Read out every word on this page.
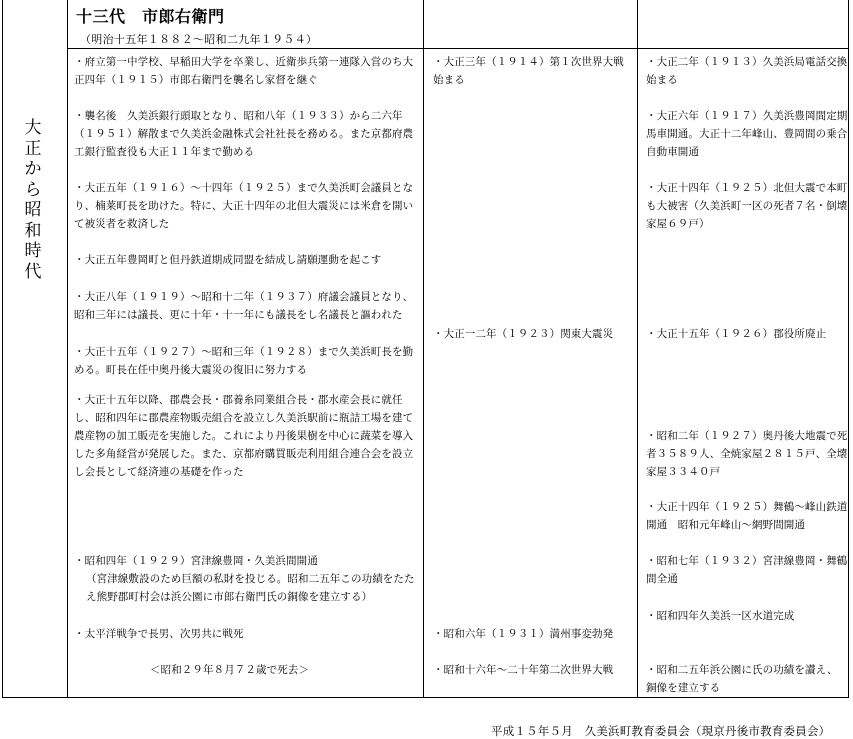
大
正
か
ら
昭
和
時
代
十三代　市郎右衛門
（明治十五年１８８２～昭和二九年１９５４）
・府立第一中学校、早稲田大学を卒業し、近衛歩兵第一連隊入営のち大正四年（１９１５）市郎右衛門を襲名し家督を継ぐ
・襲名後　久美浜銀行頭取となり、昭和八年（１９３３）から二六年（１９５１）解散まで久美浜金融株式会社社長を務める。また京都府農工銀行監査役も大正１１年まで勤める
・大正五年（１９１６）～十四年（１９２５）まで久美浜町会議員となり、楠莱町長を助けた。特に、大正十四年の北但大震災には米倉を開いて被災者を救済した
・大正五年豊岡町と但丹鉄道期成同盟を結成し請願運動を起こす
・大正八年（１９１９）～昭和十二年（１９３７）府議会議員となり、昭和三年には議長、更に十年・十一年にも議長をし名議長と謳われた
・大正十五年（１９２７）～昭和三年（１９２８）まで久美浜町長を勤める。町長在任中奥丹後大震災の復旧に努力する
・大正十五年以降、郡農会長・郡養糸同業組合長・郡水産会長に就任し、昭和四年に郡農産物販売組合を設立し久美浜駅前に瓶詰工場を建て農産物の加工販売を実施した。これにより丹後果樹を中心に蔬菜を導入した多角経営が発展した。また、京都府購買販売利用組合連合会を設立し会長として経済連の基礎を作った
・昭和四年（１９２９）宮津線豊岡・久美浜間開通
（宮津線敷設のため巨額の私財を投じる。昭和二五年この功績をたたえ熊野郡町村会は浜公園に市郎右衛門氏の銅像を建立する）
・太平洋戦争で長男、次男共に戦死
＜昭和２９年８月７２歳で死去＞
・大正三年（１９１４）第１次世界大戦始まる
・大正一二年（１９２３）関東大震災
・昭和六年（１９３１）満州事変勃発
・昭和十六年～二十年第二次世界大戦
・大正二年（１９１３）久美浜局電話交換始まる
・大正六年（１９１７）久美浜豊岡間定期馬車開通。大正十二年峰山、豊岡間の乗合自動車開通
・大正十四年（１９２５）北但大震で本町も大被害（久美浜町一区の死者７名・倒壊家屋６９戸）
・大正十五年（１９２６）郡役所廃止
・昭和二年（１９２７）奥丹後大地震で死者３５８９人、全焼家屋２８１５戸、全壊家屋３３４０戸
・大正十四年（１９２５）舞鶴～峰山鉄道開通　昭和元年峰山～網野間開通
・昭和七年（１９３２）宮津線豊岡・舞鶴間全通
・昭和四年久美浜一区水道完成
・昭和二五年浜公園に氏の功績を讃え、銅像を建立する
平成１５年５月　久美浜町教育委員会（現京丹後市教育委員会）
